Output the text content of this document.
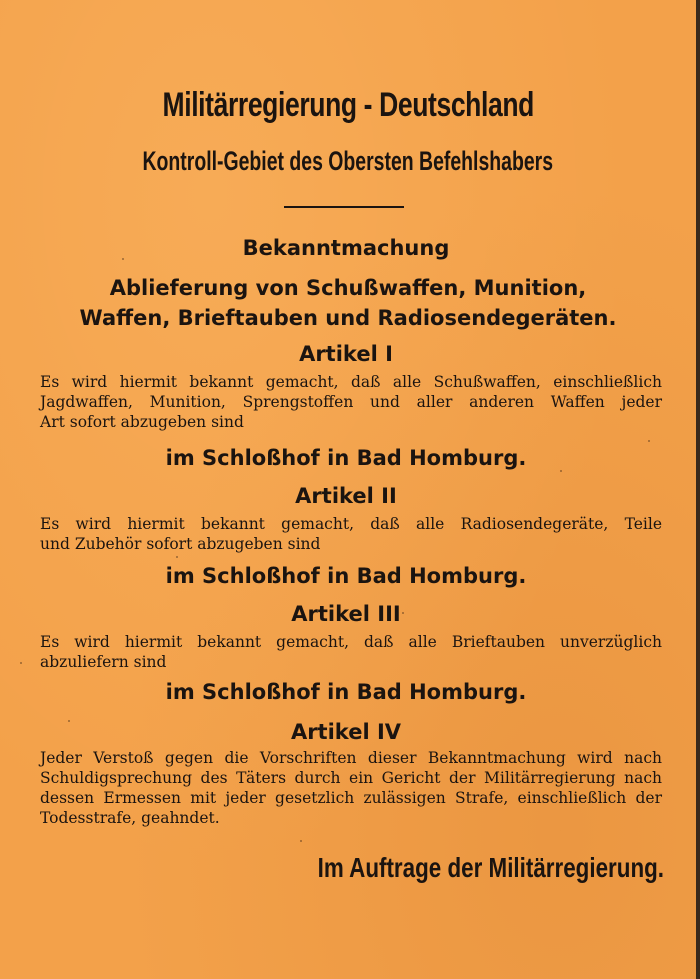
Militärregierung - Deutschland
Kontroll-Gebiet des Obersten Befehlshabers
Bekanntmachung
Ablieferung von Schußwaffen, Munition,
Waffen, Brieftauben und Radiosendegeräten.
Artikel I
Es wird hiermit bekannt gemacht, daß alle Schußwaffen, einschließlich
Jagdwaffen, Munition, Sprengstoffen und aller anderen Waffen jeder
Art sofort abzugeben sind
im Schloßhof in Bad Homburg.
Artikel II
Es wird hiermit bekannt gemacht, daß alle Radiosendegeräte, Teile
und Zubehör sofort abzugeben sind
im Schloßhof in Bad Homburg.
Artikel III
Es wird hiermit bekannt gemacht, daß alle Brieftauben unverzüglich
abzuliefern sind
im Schloßhof in Bad Homburg.
Artikel IV
Jeder Verstoß gegen die Vorschriften dieser Bekanntmachung wird nach
Schuldigsprechung des Täters durch ein Gericht der Militärregierung nach
dessen Ermessen mit jeder gesetzlich zulässigen Strafe, einschließlich der
Todesstrafe, geahndet.
Im Auftrage der Militärregierung.
